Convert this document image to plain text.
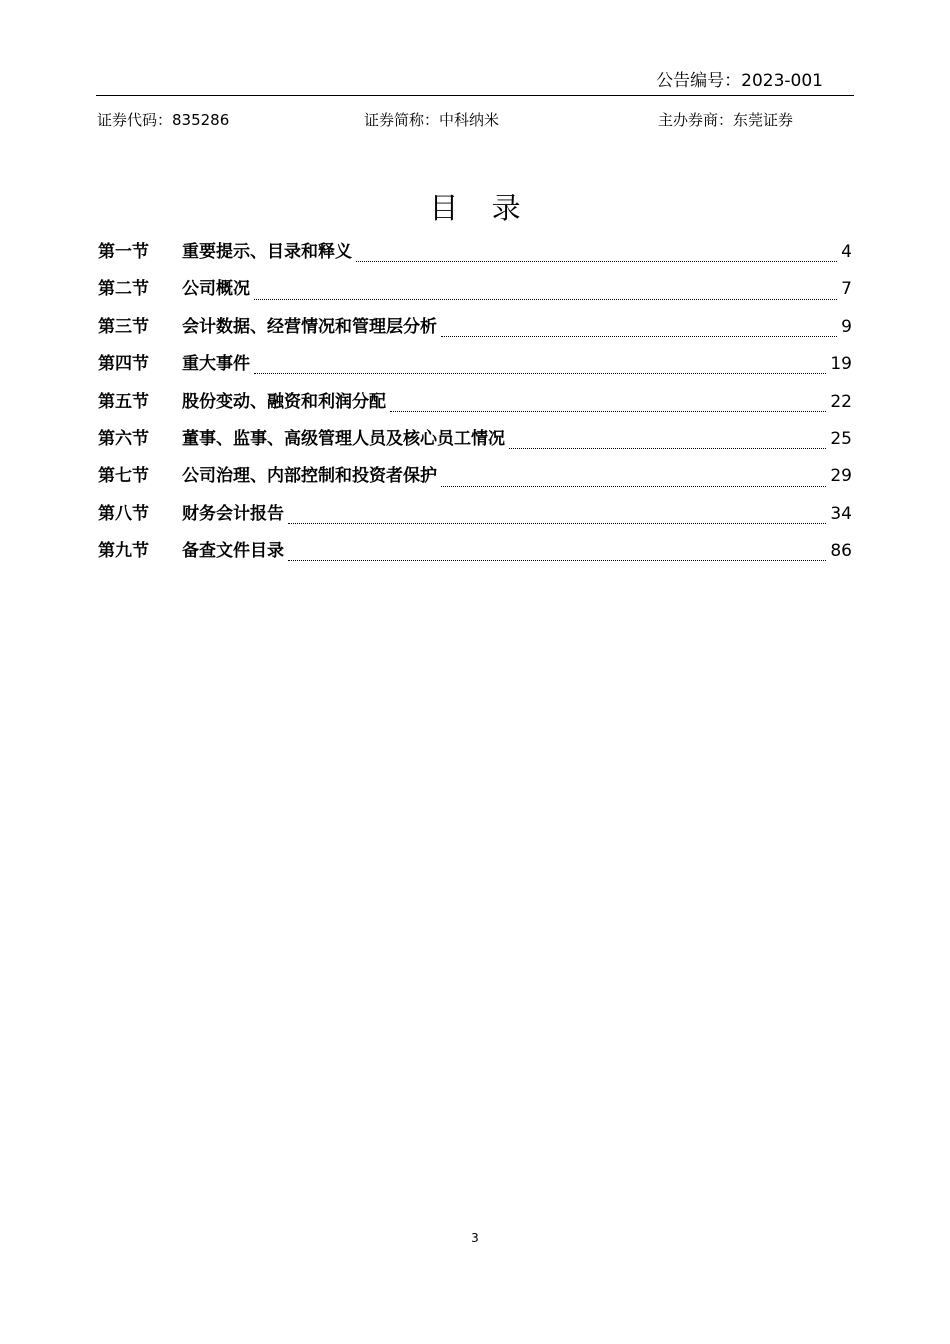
公告编号：2023-001
证券代码：835286	证券简称：中科纳米	主办券商：东莞证券
目 录
第一节	重要提示、目录和释义	4
第二节	公司概况	7
第三节	会计数据、经营情况和管理层分析	9
第四节	重大事件	19
第五节	股份变动、融资和利润分配	22
第六节	董事、监事、高级管理人员及核心员工情况	25
第七节	公司治理、内部控制和投资者保护	29
第八节	财务会计报告	34
第九节	备查文件目录	86
3
